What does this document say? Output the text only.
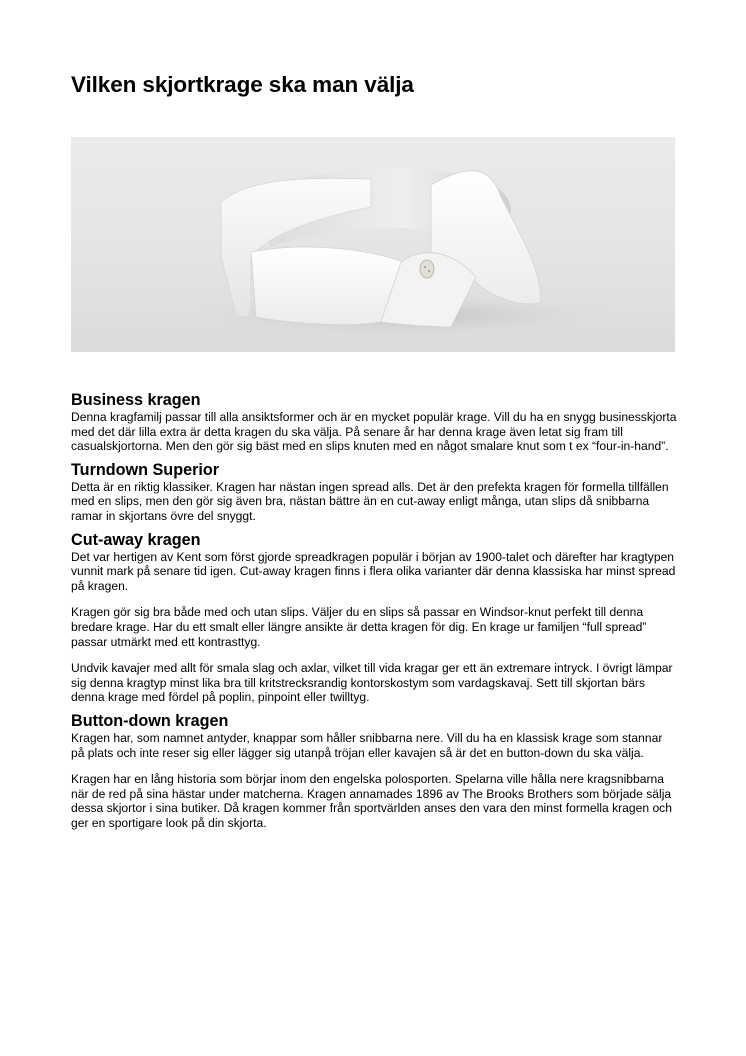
Vilken skjortkrage ska man välja
Business kragen

Denna kragfamilj passar till alla ansiktsformer och är en mycket populär krage. Vill du ha en snygg businesskjorta med det där lilla extra är detta kragen du ska välja. På senare år har denna krage även letat sig fram till casualskjortorna. Men den gör sig bäst med en slips knuten med en något smalare knut som t ex “four-in-hand”.

Turndown Superior

Detta är en riktig klassiker. Kragen har nästan ingen spread alls. Det är den prefekta kragen för formella tillfällen med en slips, men den gör sig även bra, nästan bättre än en cut-away enligt många, utan slips då snibbarna ramar in skjortans övre del snyggt.

Cut-away kragen

Det var hertigen av Kent som först gjorde spreadkragen populär i början av 1900-talet och därefter har kragtypen vunnit mark på senare tid igen. Cut-away kragen finns i flera olika varianter där denna klassiska har minst spread på kragen.

Kragen gör sig bra både med och utan slips. Väljer du en slips så passar en Windsor-knut perfekt till denna bredare krage. Har du ett smalt eller längre ansikte är detta kragen för dig. En krage ur familjen “full spread” passar utmärkt med ett kontrasttyg.

Undvik kavajer med allt för smala slag och axlar, vilket till vida kragar ger ett än extremare intryck. I övrigt lämpar sig denna kragtyp minst lika bra till kritstrecksrandig kontorskostym som vardagskavaj. Sett till skjortan bärs denna krage med fördel på poplin, pinpoint eller twilltyg.

Button-down kragen

Kragen har, som namnet antyder, knappar som håller snibbarna nere. Vill du ha en klassisk krage som stannar på plats och inte reser sig eller lägger sig utanpå tröjan eller kavajen så är det en button-down du ska välja.

Kragen har en lång historia som börjar inom den engelska polosporten. Spelarna ville hålla nere kragsnibbarna när de red på sina hästar under matcherna. Kragen annamades 1896 av The Brooks Brothers som började sälja dessa skjortor i sina butiker. Då kragen kommer från sportvärlden anses den vara den minst formella kragen och ger en sportigare look på din skjorta.
